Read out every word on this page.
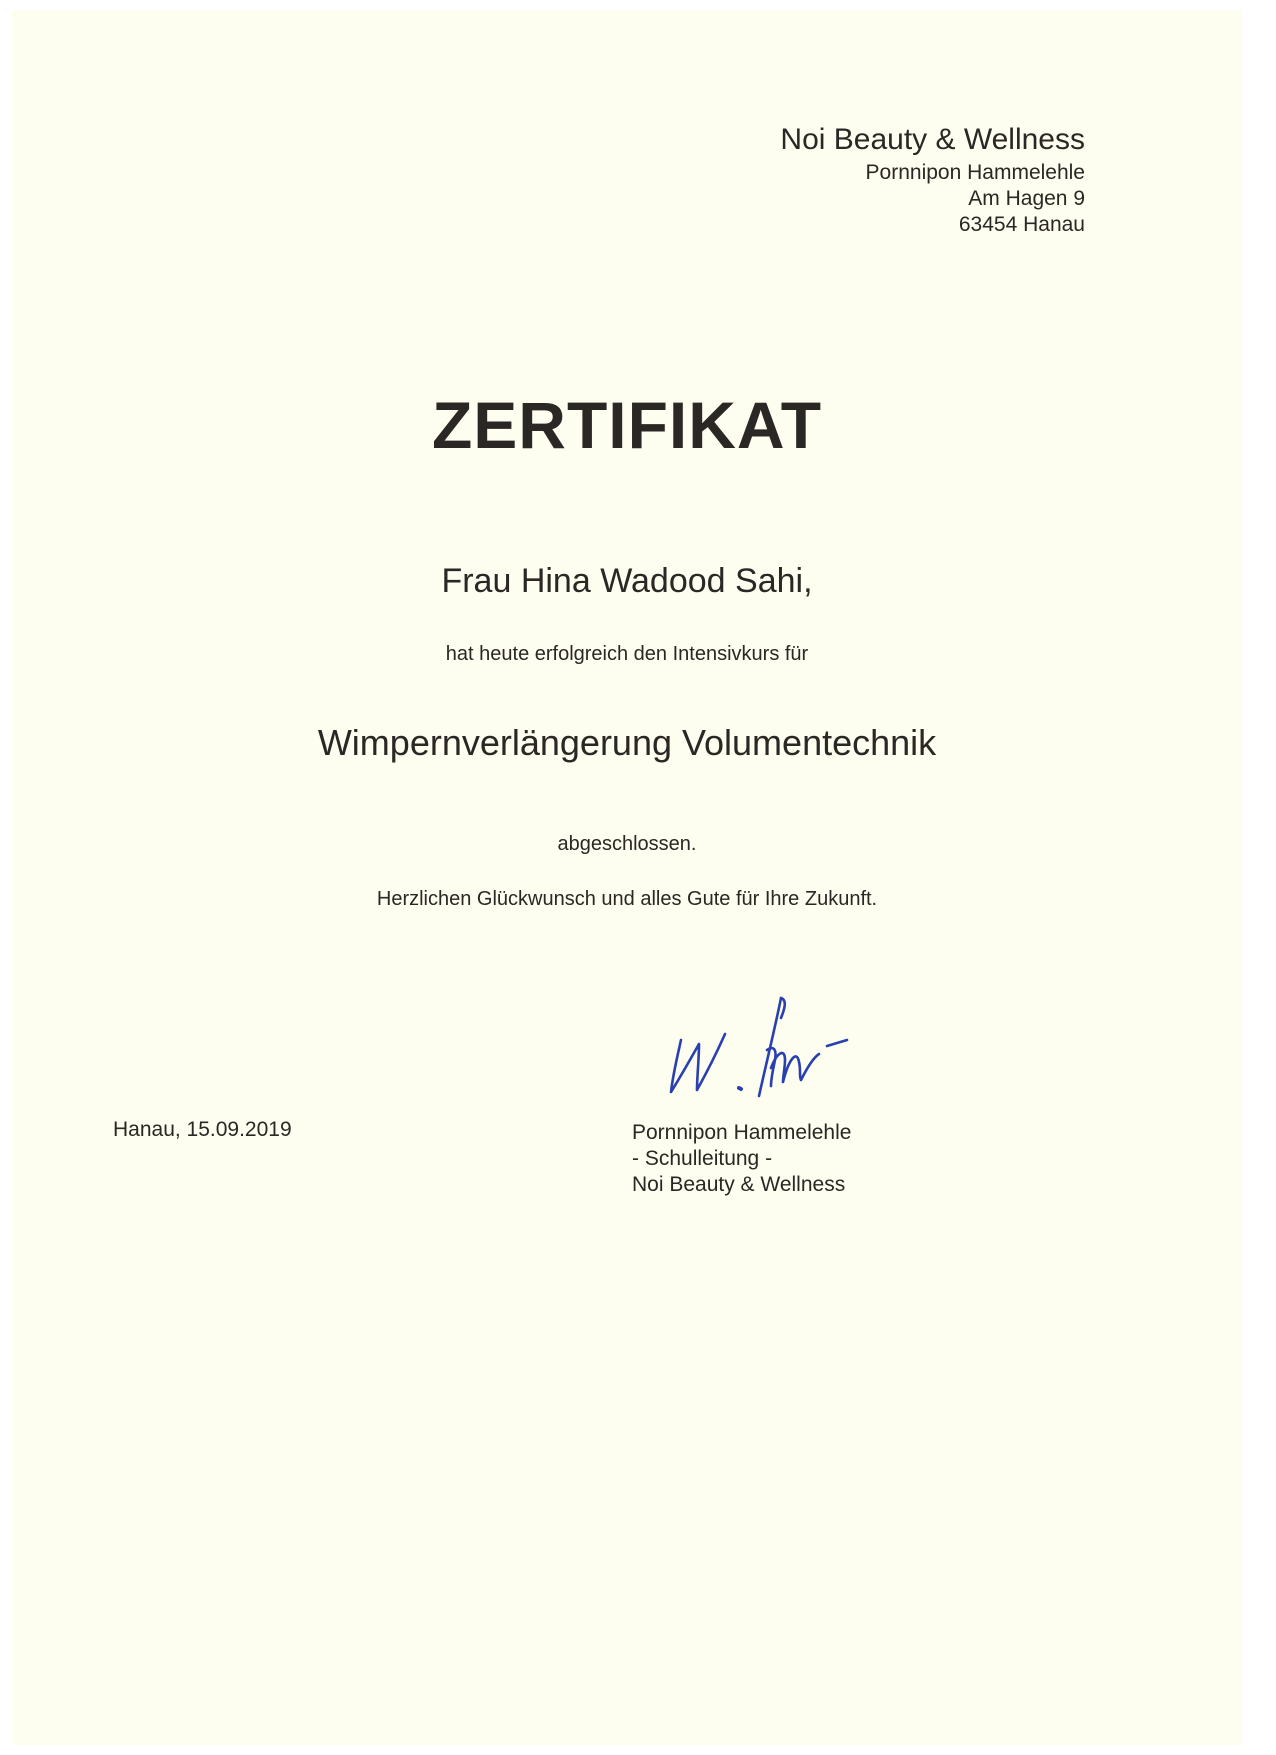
Noi Beauty & Wellness
Pornnipon Hammelehle
Am Hagen 9
63454 Hanau
ZERTIFIKAT
Frau Hina Wadood Sahi,
hat heute erfolgreich den Intensivkurs für
Wimpernverlängerung Volumentechnik
abgeschlossen.
Herzlichen Glückwunsch und alles Gute für Ihre Zukunft.
Hanau, 15.09.2019	Pornnipon Hammelehle
- Schulleitung -
Noi Beauty & Wellness
